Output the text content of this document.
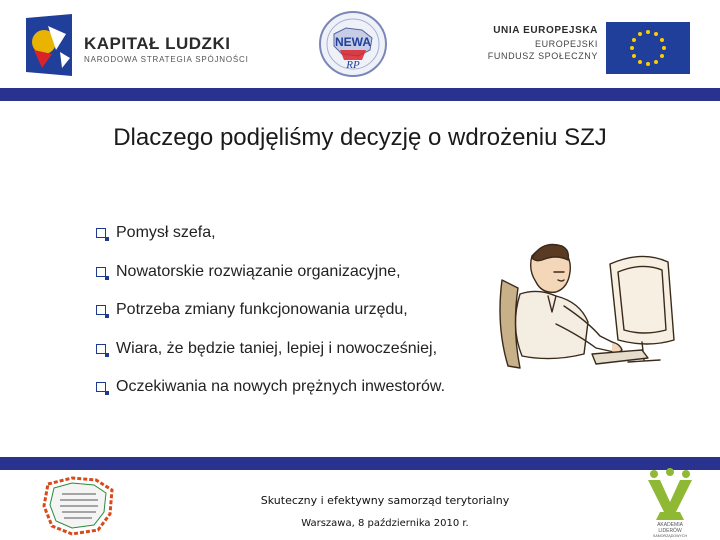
KAPITAŁ LUDZKI
NARODOWA STRATEGIA SPÓJNOŚCI
NEWA
RP
UNIA EUROPEJSKA
EUROPEJSKI
FUNDUSZ SPOŁECZNY
Dlaczego podjęliśmy decyzję o wdrożeniu SZJ
Pomysł szefa,
Nowatorskie rozwiązanie organizacyjne,
Potrzeba zmiany funkcjonowania urzędu,
Wiara, że będzie taniej, lepiej i nowocześniej,
Oczekiwania na nowych prężnych inwestorów.
Skuteczny i efektywny samorząd terytorialny
Warszawa, 8 października 2010 r.	AKADEMIA
LIDERÓW
SAMORZĄDOWYCH
